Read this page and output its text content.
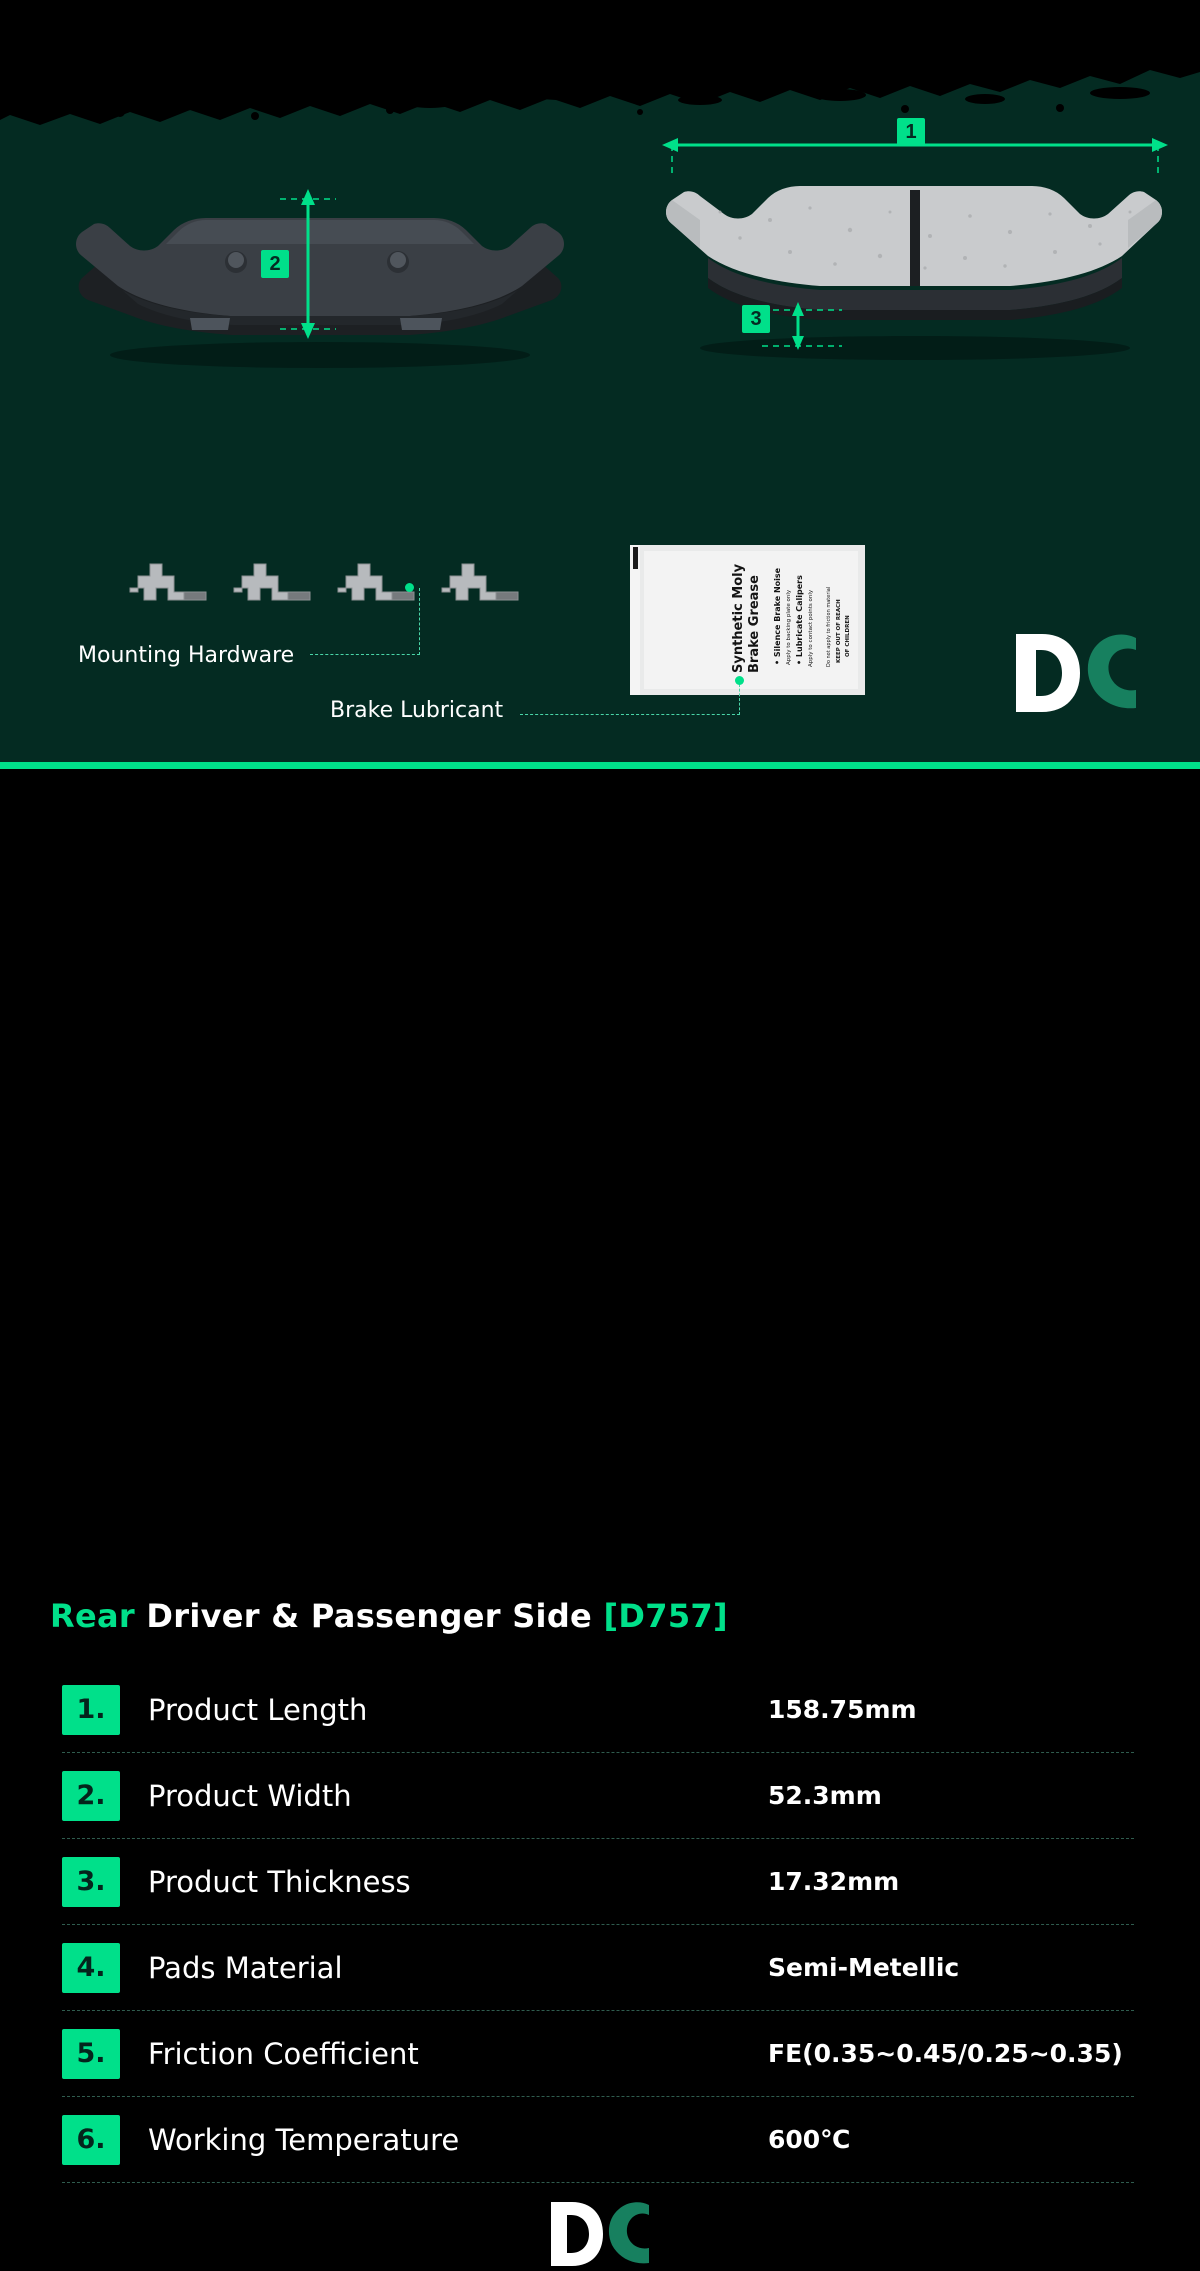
1
2
3
Synthetic Moly Brake Grease • Silence Brake Noise Apply to backing plate only • Lubricate Calipers Apply to contact points only Do not apply to friction material KEEP OUT OF REACH OF CHILDREN
Mounting Hardware
Brake Lubricant
Rear Driver & Passenger Side [D757]
1.	Product Length	158.75mm
2.	Product Width	52.3mm
3.	Product Thickness	17.32mm
4.	Pads Material	Semi-Metellic
5.	Friction Coefficient	FE(0.35~0.45/0.25~0.35)
6.	Working Temperature	600℃
